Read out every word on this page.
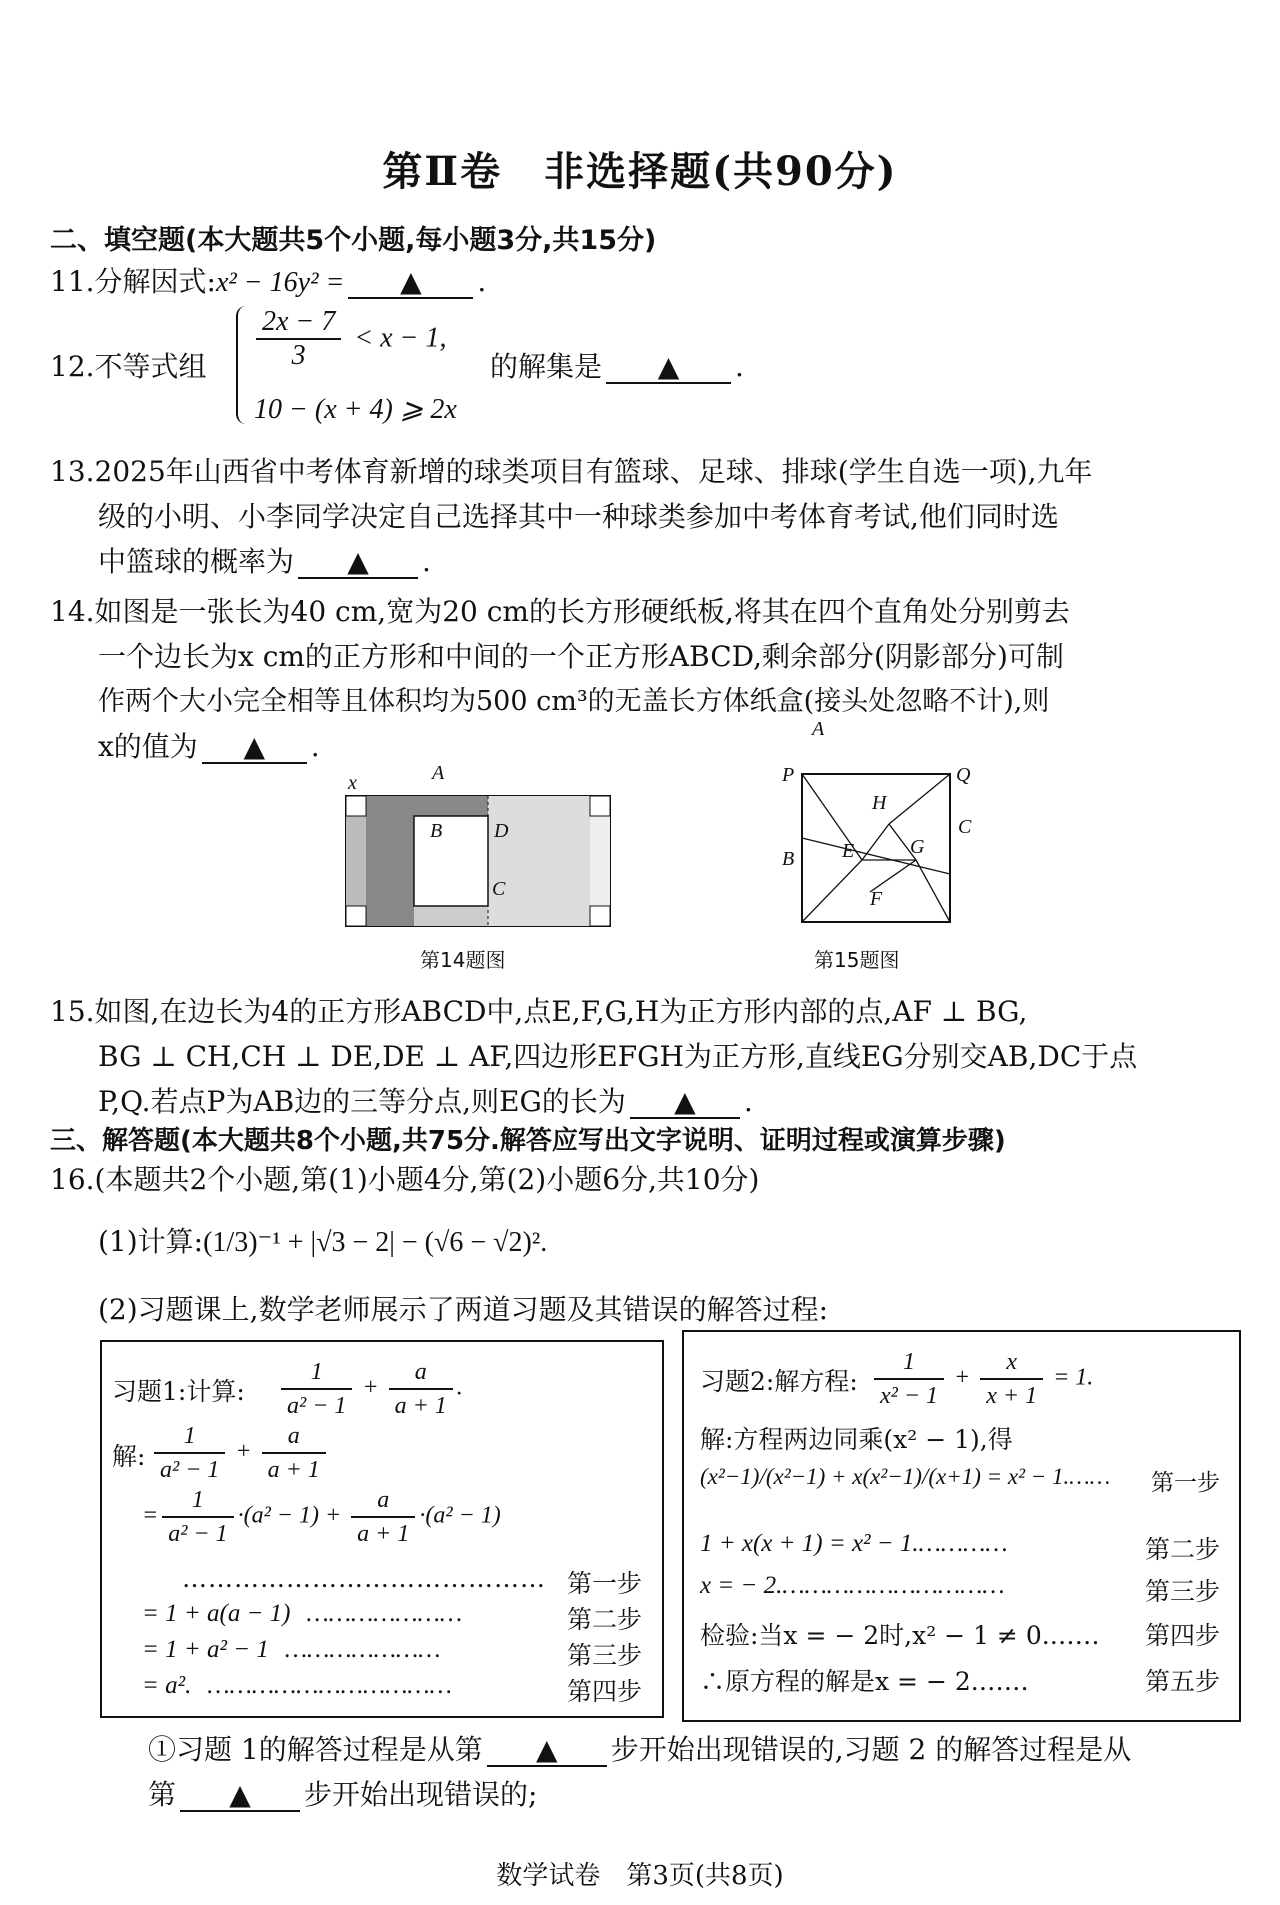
第Ⅱ卷　非选择题(共90分)
二、填空题(本大题共5个小题,每小题3分,共15分)
11.分解因式:x² − 16y² = ▲ .
12.不等式组 $\frac{2x - 7}{3} < x - 1$,
10 − (x + 4) ⩾ 2x
的解集是 ▲ .
13.2025年山西省中考体育新增的球类项目有篮球、足球、排球(学生自选一项),九年
级的小明、小李同学决定自己选择其中一种球类参加中考体育考试,他们同时选
中篮球的概率为 ▲ .
14.如图是一张长为40 cm,宽为20 cm的长方形硬纸板,将其在四个直角处分别剪去
一个边长为x cm的正方形和中间的一个正方形ABCD,剩余部分(阴影部分)可制
作两个大小完全相等且体积均为500 cm³的无盖长方体纸盒(接头处忽略不计),则
x的值为 ▲ .
x	A
B	D
C
第14题图
A
P	Q
H
C
E	G
B
F
第15题图
15.如图,在边长为4的正方形ABCD中,点E,F,G,H为正方形内部的点,AF ⊥ BG,
BG ⊥ CH,CH ⊥ DE,DE ⊥ AF,四边形EFGH为正方形,直线EG分别交AB,DC于点
P,Q.若点P为AB边的三等分点,则EG的长为 ▲ .
三、解答题(本大题共8个小题,共75分.解答应写出文字说明、证明过程或演算步骤)
16.(本题共2个小题,第(1)小题4分,第(2)小题6分,共10分)
(1)计算:(1/3)⁻¹ + |√3 − 2| − (√6 − √2)².
(2)习题课上,数学老师展示了两道习题及其错误的解答过程:
习题1:计算: $\frac{1}{\text{a² − 1}} + \frac{a}{a + 1}$ .
解: $\frac{1}{\text{a² − 1}} + \frac{a}{a + 1}$
= $\frac{1}{\text{a² − 1}} \cdot(a^2 - 1) + \frac{a}{a + 1} \cdot(a^2 - 1)$
…………………………………… 第一步
= 1 + a(a − 1) …………………	第二步
= 1 + a² − 1 …………………	第三步
= a². ……………………………	第四步
习题2:解方程: $\frac{1}{\text{x² − 1}} + \frac{x}{x + 1} = 1$.
解:方程两边同乘(x² − 1),得
(x²−1)/(x²−1) + x(x²−1)/(x+1) = x² − 1.…… 第一步
1 + x(x + 1) = x² − 1.…………	第二步
x = − 2.…………………………	第三步
检验:当x = − 2时,x² − 1 ≠ 0.…… 第四步
∴原方程的解是x = − 2.……	第五步
①习题 1的解答过程是从第 ▲ 步开始出现错误的,习题 2 的解答过程是从
第 ▲ 步开始出现错误的;
数学试卷　第3页(共8页)
